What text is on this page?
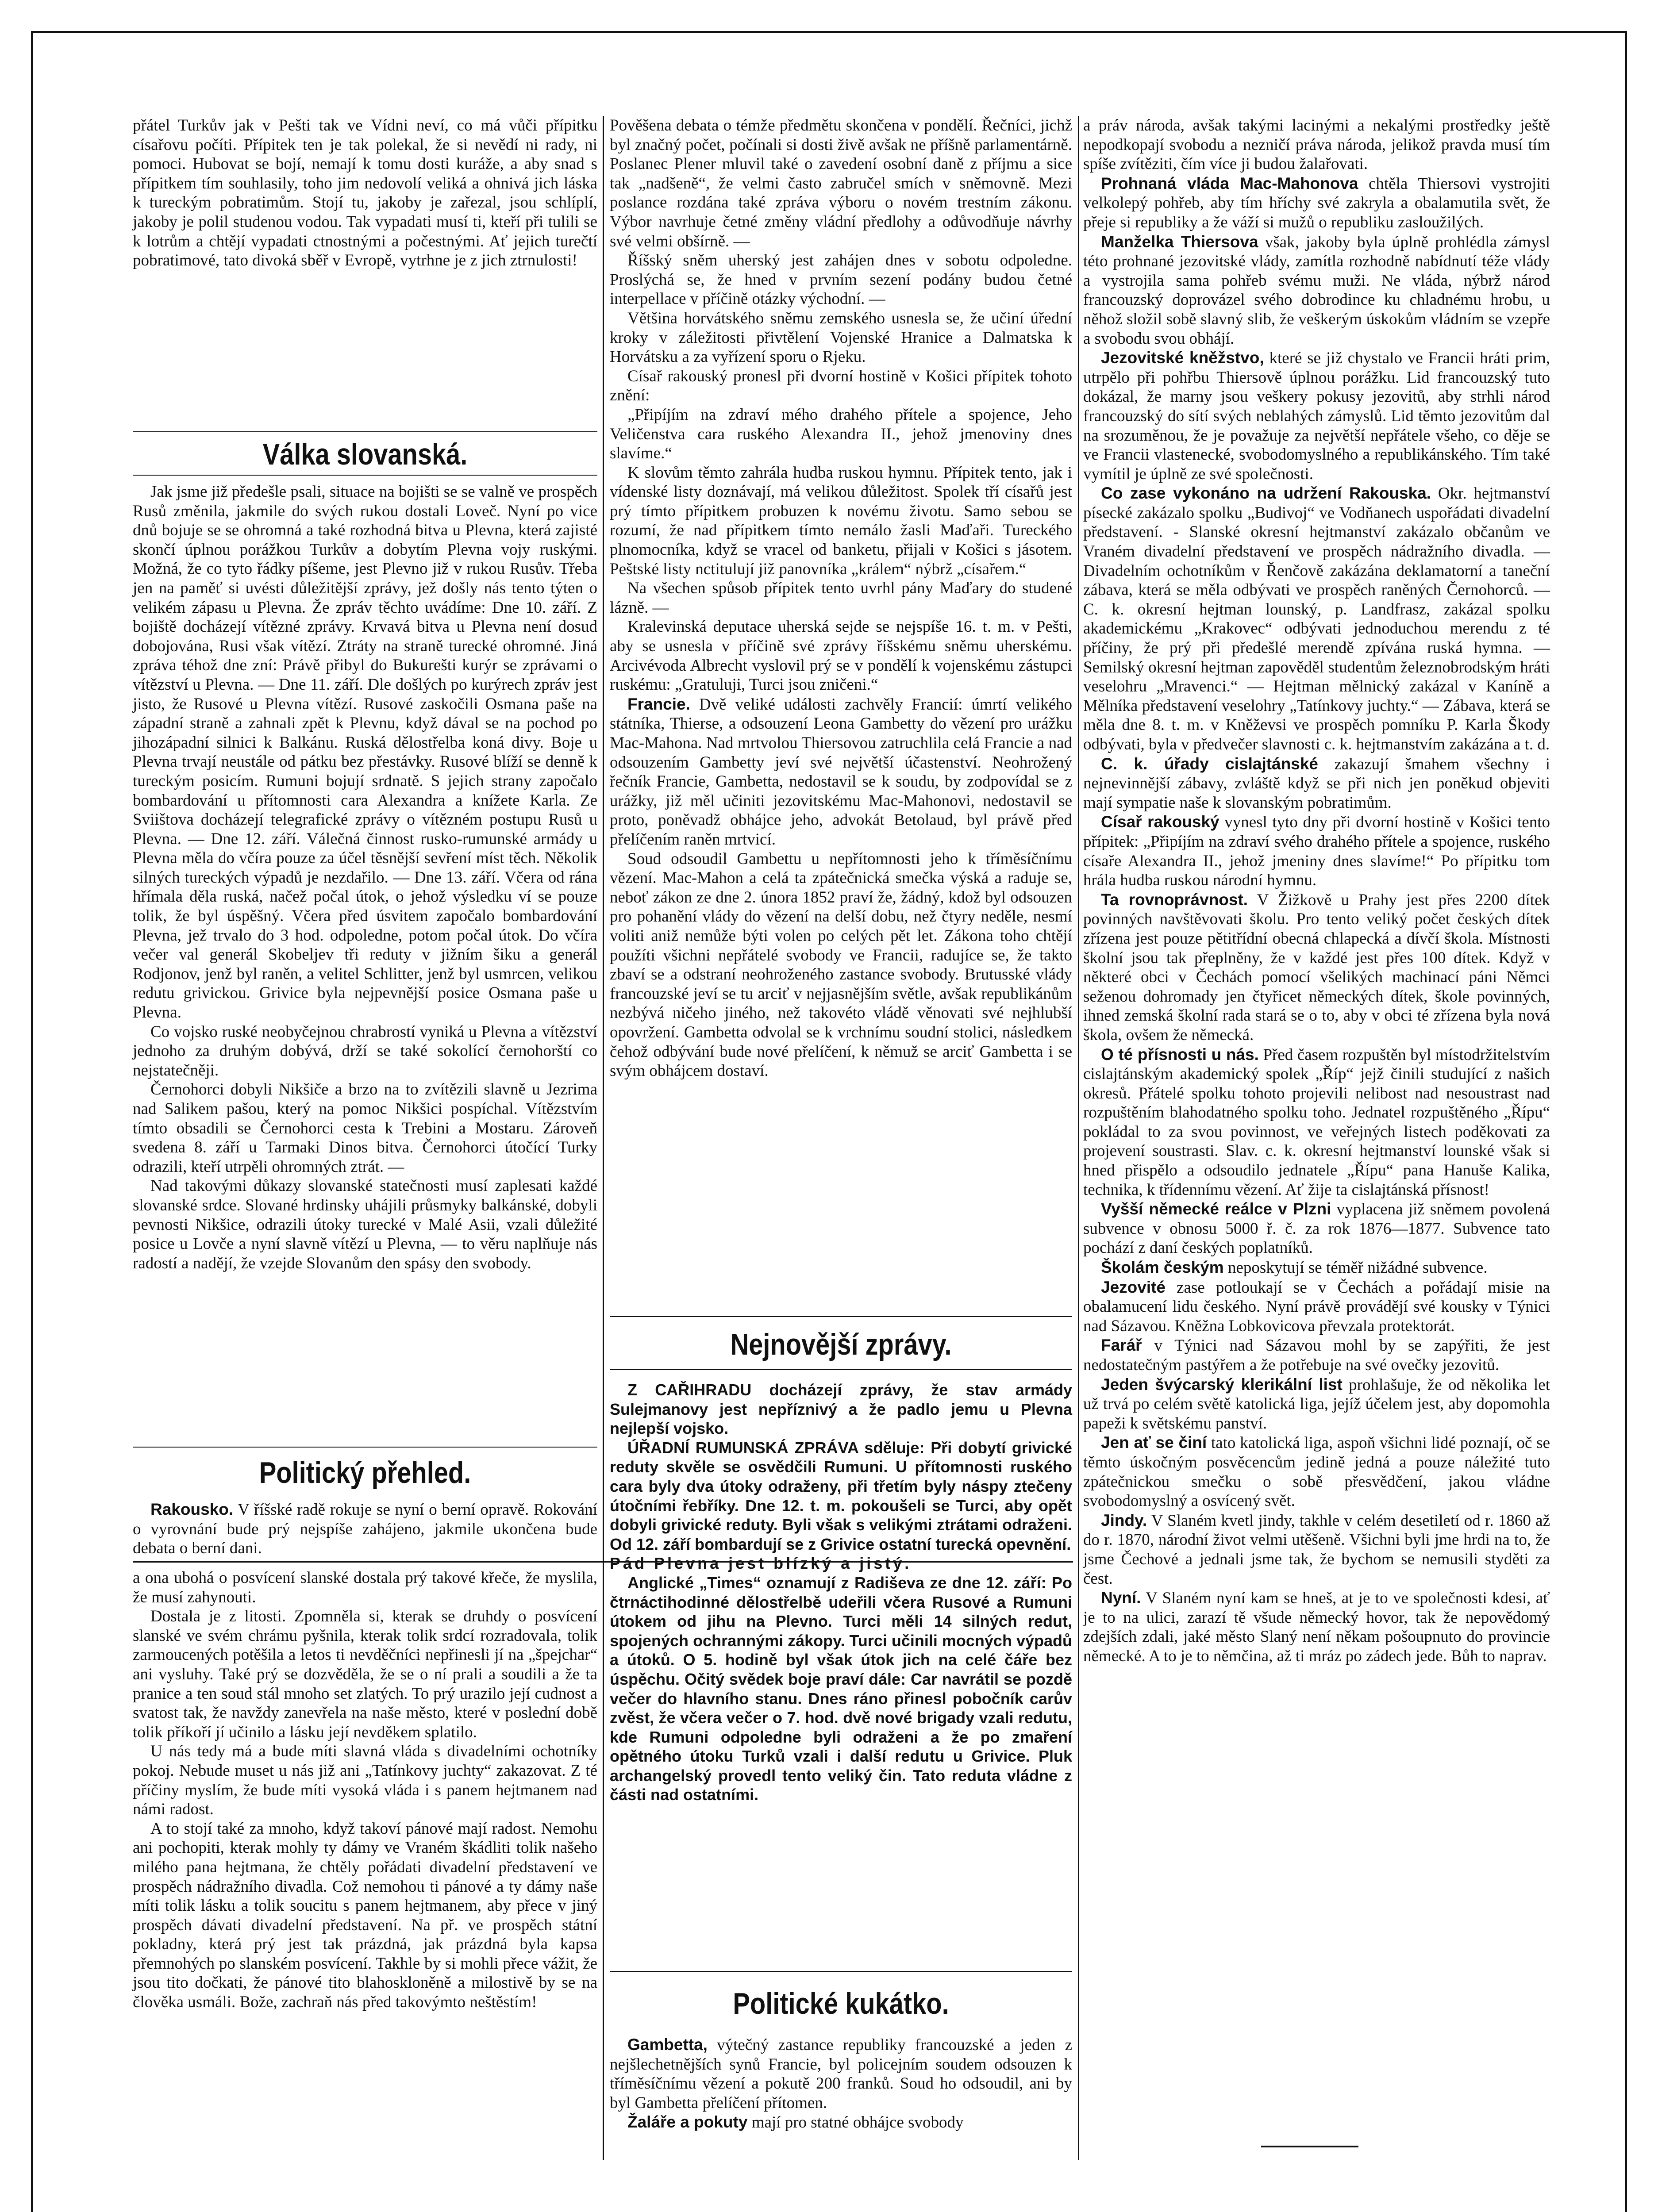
přátel Turkův jak v Pešti tak ve Vídni neví, co má vůči přípitku císařovu počíti. Přípitek ten je tak polekal, že si nevědí ni rady, ni pomoci. Hubovat se bojí, nemají k tomu dosti kuráže, a aby snad s přípitkem tím souhlasily, toho jim nedovolí veliká a ohnivá jich láska k tureckým pobratimům. Stojí tu, jakoby je zařezal, jsou schlíplí, jakoby je polil studenou vodou. Tak vypadati musí ti, kteří při tulili se k lotrům a chtějí vypadati ctnostnými a počestnými. Ať jejich turečtí pobratimové, tato divoká sběř v Evropě, vytrhne je z jich ztrnulosti!

Válka slovanská.

Jak jsme již předešle psali, situace na bojišti se se valně ve prospěch Rusů změnila, jakmile do svých rukou dostali Loveč. Nyní po vice dnů bojuje se se ohromná a také rozhodná bitva u Plevna, která zajisté skončí úplnou porážkou Turkův a dobytím Plevna vojy ruskými. Možná, že co tyto řádky píšeme, jest Plevno již v rukou Rusův. Třeba jen na paměť si uvésti důležitější zprávy, jež došly nás tento týten o velikém zápasu u Plevna. Že zpráv těchto uvádíme: Dne 10. září. Z bojiště docházejí vítězné zprávy. Krvavá bitva u Plevna není dosud dobojována, Rusi však vítězí. Ztráty na straně turecké ohromné. Jiná zpráva téhož dne zní: Právě přibyl do Bukurešti kurýr se zprávami o vítězství u Plevna. — Dne 11. září. Dle došlých po kurýrech zpráv jest jisto, že Rusové u Plevna vítězí. Rusové zaskočili Osmana paše na západní straně a zahnali zpět k Plevnu, když dával se na pochod po jihozápadní silnici k Balkánu. Ruská dělostřelba koná divy. Boje u Plevna trvají neustále od pátku bez přestávky. Rusové blíží se denně k tureckým posicím. Rumuni bojují srdnatě. S jejich strany započalo bombardování u přítomnosti cara Alexandra a knížete Karla. Ze Sviištova docházejí telegrafické zprávy o vítězném postupu Rusů u Plevna. — Dne 12. září. Válečná činnost rusko-rumunské armády u Plevna měla do včíra pouze za účel těsnější sevření míst těch. Několik silných tureckých výpadů je nezdařilo. — Dne 13. září. Včera od rána hřímala děla ruská, načež počal útok, o jehož výsledku ví se pouze tolik, že byl úspěšný. Včera před úsvitem započalo bombardování Plevna, jež trvalo do 3 hod. odpoledne, potom počal útok. Do včíra večer val generál Skobeljev tři reduty v jižním šiku a generál Rodjonov, jenž byl raněn, a velitel Schlitter, jenž byl usmrcen, velikou redutu grivickou. Grivice byla nejpevnější posice Osmana paše u Plevna.

Co vojsko ruské neobyčejnou chrabrostí vyniká u Plevna a vítězství jednoho za druhým dobývá, drží se také sokolící černohorští co nejstatečněji.

Černohorci dobyli Nikšiče a brzo na to zvítězili slavně u Jezrima nad Salikem pašou, který na pomoc Nikšici pospíchal. Vítězstvím tímto obsadili se Černohorci cesta k Trebini a Mostaru. Zároveň svedena 8. září u Tarmaki Dinos bitva. Černohorci útočící Turky odrazili, kteří utrpěli ohromných ztrát. —

Nad takovými důkazy slovanské statečnosti musí zaplesati každé slovanské srdce. Slované hrdinsky uhájili průsmyky balkánské, dobyli pevnosti Nikšice, odrazili útoky turecké v Malé Asii, vzali důležité posice u Lovče a nyní slavně vítězí u Plevna, — to věru naplňuje nás radostí a nadějí, že vzejde Slovanům den spásy den svobody.

Politický přehled.

Rakousko. V říšské radě rokuje se nyní o berní opravě. Rokování o vyrovnání bude prý nejspíše zahájeno, jakmile ukončena bude debata o berní dani.

a ona ubohá o posvícení slanské dostala prý takové křeče, že myslila, že musí zahynouti.

Dostala je z litosti. Zpomněla si, kterak se druhdy o posvícení slanské ve svém chrámu pyšnila, kterak tolik srdcí rozradovala, tolik zarmoucených potěšila a letos ti nevděčníci nepřinesli jí na „špejchar“ ani vysluhy. Také prý se dozvěděla, že se o ní prali a soudili a že ta pranice a ten soud stál mnoho set zlatých. To prý urazilo její cudnost a svatost tak, že navždy zanevřela na naše město, které v poslední době tolik příkoří jí učinilo a lásku její nevděkem splatilo.

U nás tedy má a bude míti slavná vláda s divadelními ochotníky pokoj. Nebude muset u nás již ani „Tatínkovy juchty“ zakazovat. Z té příčiny myslím, že bude míti vysoká vláda i s panem hejtmanem nad námi radost.

A to stojí také za mnoho, když takoví pánové mají radost. Nemohu ani pochopiti, kterak mohly ty dámy ve Vraném škádliti tolik našeho milého pana hejtmana, že chtěly pořádati divadelní představení ve prospěch nádražního divadla. Což nemohou ti pánové a ty dámy naše míti tolik lásku a tolik soucitu s panem hejtmanem, aby přece v jiný prospěch dávati divadelní představení. Na př. ve prospěch státní pokladny, která prý jest tak prázdná, jak prázdná byla kapsa přemnohých po slanském posvícení. Takhle by si mohli přece vážit, že jsou tito dočkati, že pánové tito blahoskloněně a milostivě by se na člověka usmáli. Bože, zachraň nás před takovýmto neštěstím!

Pověšena debata o témže předmětu skončena v pondělí. Řečníci, jichž byl značný počet, počínali si dosti živě avšak ne příšně parlamentárně. Poslanec Plener mluvil také o zavedení osobní daně z příjmu a sice tak „nadšeně“, že velmi často zabručel smích v sněmovně. Mezi poslance rozdána také zpráva výboru o novém trestním zákonu. Výbor navrhuje četné změny vládní předlohy a odůvodňuje návrhy své velmi obšírně. —

Říšský sněm uherský jest zahájen dnes v sobotu odpoledne. Proslýchá se, že hned v prvním sezení podány budou četné interpellace v příčině otázky východní. —

Většina horvátského sněmu zemského usnesla se, že učiní úřední kroky v záležitosti přivtělení Vojenské Hranice a Dalmatska k Horvátsku a za vyřízení sporu o Rjeku.

Císař rakouský pronesl při dvorní hostině v Košici přípitek tohoto znění:

„Připíjím na zdraví mého drahého přítele a spojence, Jeho Veličenstva cara ruského Alexandra II., jehož jmenoviny dnes slavíme.“

K slovům těmto zahrála hudba ruskou hymnu. Přípitek tento, jak i vídenské listy doznávají, má velikou důležitost. Spolek tří císařů jest prý tímto přípitkem probuzen k novému životu. Samo sebou se rozumí, že nad přípitkem tímto nemálo žasli Maďaři. Tureckého plnomocníka, když se vracel od banketu, přijali v Košici s jásotem. Peštské listy nctitulují již panovníka „králem“ nýbrž „císařem.“

Na všechen spůsob přípitek tento uvrhl pány Maďary do studené lázně. —

Kralevinská deputace uherská sejde se nejspíše 16. t. m. v Pešti, aby se usnesla v příčině své zprávy říšskému sněmu uherskému. Arcivévoda Albrecht vyslovil prý se v pondělí k vojenskému zástupci ruskému: „Gratuluji, Turci jsou zničeni.“

Francie. Dvě veliké události zachvěly Francií: úmrtí velikého státníka, Thierse, a odsouzení Leona Gambetty do vězení pro urážku Mac-Mahona. Nad mrtvolou Thiersovou zatruchlila celá Francie a nad odsouzením Gambetty jeví své největší účastenství. Neohrožený řečník Francie, Gambetta, nedostavil se k soudu, by zodpovídal se z urážky, již měl učiniti jezovitskému Mac-Mahonovi, nedostavil se proto, poněvadž obhájce jeho, advokát Betolaud, byl právě před přelíčením raněn mrtvicí.

Soud odsoudil Gambettu u nepřítomnosti jeho k tříměsíčnímu vězení. Mac-Mahon a celá ta zpátečnická smečka výská a raduje se, neboť zákon ze dne 2. února 1852 praví že, žádný, kdož byl odsouzen pro pohanění vlády do vězení na delší dobu, než čtyry neděle, nesmí voliti aniž nemůže býti volen po celých pět let. Zákona toho chtějí použíti všichni nepřátelé svobody ve Francii, radujíce se, že takto zbaví se a odstraní neohroženého zastance svobody. Brutusské vlády francouzské jeví se tu arciť v nejjasnějším světle, avšak republikánům nezbývá ničeho jiného, než takovéto vládě věnovati své nejhlubší opovržení. Gambetta odvolal se k vrchnímu soudní stolici, následkem čehož odbývání bude nové přelíčení, k němuž se arciť Gambetta i se svým obhájcem dostaví.

Nejnovější zprávy.

Z CAŘIHRADU docházejí zprávy, že stav armády Sulejmanovy jest nepříznivý a že padlo jemu u Plevna nejlepší vojsko.

ÚŘADNÍ RUMUNSKÁ ZPRÁVA sděluje: Při dobytí grivické reduty skvěle se osvědčili Rumuni. U přítomnosti ruského cara byly dva útoky odraženy, při třetím byly náspy ztečeny útočními řebříky. Dne 12. t. m. pokoušeli se Turci, aby opět dobyli grivické reduty. Byli však s velikými ztrátami odraženi. Od 12. září bombardují se z Grivice ostatní turecká opevnění.

Pád Plevna jest blízký a jistý.

Anglické „Times“ oznamují z Radiševa ze dne 12. září: Po čtrnáctihodinné dělostřelbě udeřili včera Rusové a Rumuni útokem od jihu na Plevno. Turci měli 14 silných redut, spojených ochrannými zákopy. Turci učinili mocných výpadů a útoků. O 5. hodině byl však útok jich na celé čáře bez úspěchu. Očitý svědek boje praví dále: Car navrátil se pozdě večer do hlavního stanu. Dnes ráno přinesl pobočník carův zvěst, že včera večer o 7. hod. dvě nové brigady vzali redutu, kde Rumuni odpoledne byli odraženi a že po zmaření opětného útoku Turků vzali i další redutu u Grivice. Pluk archangelský provedl tento veliký čin. Tato reduta vládne z části nad ostatními.

Politické kukátko.

Gambetta, výtečný zastance republiky francouzské a jeden z nejšlechetnějších synů Francie, byl policejním soudem odsouzen k tříměsíčnímu vězení a pokutě 200 franků. Soud ho odsoudil, ani by byl Gambetta přelíčení přítomen.

Žaláře a pokuty mají pro statné obhájce svobody

a práv národa, avšak takými lacinými a nekalými prostředky ještě nepodkopají svobodu a nezničí práva národa, jelikož pravda musí tím spíše zvítěziti, čím více ji budou žalařovati.

Prohnaná vláda Mac-Mahonova chtěla Thiersovi vystrojiti velkolepý pohřeb, aby tím hříchy své zakryla a obalamutila svět, že přeje si republiky a že váží si mužů o republiku zasloužilých.

Manželka Thiersova však, jakoby byla úplně prohlédla zámysl této prohnané jezovitské vlády, zamítla rozhodně nabídnutí téže vlády a vystrojila sama pohřeb svému muži. Ne vláda, nýbrž národ francouzský doprovázel svého dobrodince ku chladnému hrobu, u něhož složil sobě slavný slib, že veškerým úskokům vládním se vzepře a svobodu svou obhájí.

Jezovitské kněžstvo, které se již chystalo ve Francii hráti prim, utrpělo při pohřbu Thiersově úplnou porážku. Lid francouzský tuto dokázal, že marny jsou veškery pokusy jezovitů, aby strhli národ francouzský do sítí svých neblahých zámyslů. Lid těmto jezovitům dal na srozuměnou, že je považuje za největší nepřátele všeho, co děje se ve Francii vlastenecké, svobodomyslného a republikánského. Tím také vymítil je úplně ze své společnosti.

Co zase vykonáno na udržení Rakouska. Okr. hejtmanství písecké zakázalo spolku „Budivoj“ ve Vodňanech uspořádati divadelní představení. - Slanské okresní hejtmanství zakázalo občanům ve Vraném divadelní představení ve prospěch nádražního divadla. — Divadelním ochotníkům v Řenčově zakázána deklamatorní a taneční zábava, která se měla odbývati ve prospěch raněných Černohorců. — C. k. okresní hejtman lounský, p. Landfrasz, zakázal spolku akademickému „Krakovec“ odbývati jednoduchou merendu z té příčiny, že prý při předešlé merendě zpívána ruská hymna. — Semilský okresní hejtman zapověděl studentům železnobrodským hráti veselohru „Mravenci.“ — Hejtman mělnický zakázal v Kaníně a Mělníka představení veselohry „Tatínkovy juchty.“ — Zábava, která se měla dne 8. t. m. v Kněževsi ve prospěch pomníku P. Karla Škody odbývati, byla v předvečer slavnosti c. k. hejtmanstvím zakázána a t. d.

C. k. úřady cislajtánské zakazují šmahem všechny i nejnevinnější zábavy, zvláště když se při nich jen poněkud objeviti mají sympatie naše k slovanským pobratimům.

Císař rakouský vynesl tyto dny při dvorní hostině v Košici tento přípitek: „Připíjím na zdraví svého drahého přítele a spojence, ruského císaře Alexandra II., jehož jmeniny dnes slavíme!“ Po přípitku tom hrála hudba ruskou národní hymnu.

Ta rovnoprávnost. V Žižkově u Prahy jest přes 2200 dítek povinných navštěvovati školu. Pro tento veliký počet českých dítek zřízena jest pouze pětitřídní obecná chlapecká a dívčí škola. Místnosti školní jsou tak přeplněny, že v každé jest přes 100 dítek. Když v některé obci v Čechách pomocí všelikých machinací páni Němci seženou dohromady jen čtyřicet německých dítek, škole povinných, ihned zemská školní rada stará se o to, aby v obci té zřízena byla nová škola, ovšem že německá.

O té přísnosti u nás. Před časem rozpuštěn byl místodržitelstvím cislajtánským akademický spolek „Říp“ jejž činili studující z našich okresů. Přátelé spolku tohoto projevili nelibost nad nesoustrast nad rozpuštěním blahodatného spolku toho. Jednatel rozpuštěného „Řípu“ pokládal to za svou povinnost, ve veřejných listech poděkovati za projevení soustrasti. Slav. c. k. okresní hejtmanství lounské však si hned přispělo a odsoudilo jednatele „Řípu“ pana Hanuše Kalika, technika, k třídennímu vězení. Ať žije ta cislajtánská přísnost!

Vyšší německé reálce v Plzni vyplacena již sněmem povolená subvence v obnosu 5000 ř. č. za rok 1876—1877. Subvence tato pochází z daní českých poplatníků.

Školám českým neposkytují se téměř nižádné subvence.

Jezovité zase potloukají se v Čechách a pořádají misie na obalamucení lidu českého. Nyní právě provádějí své kousky v Týnici nad Sázavou. Kněžna Lobkovicova převzala protektorát.

Farář v Týnici nad Sázavou mohl by se zapýřiti, že jest nedostatečným pastýřem a že potřebuje na své ovečky jezovitů.

Jeden švýcarský klerikální list prohlašuje, že od několika let už trvá po celém světě katolická liga, jejíž účelem jest, aby dopomohla papeži k světskému panství.

Jen ať se činí tato katolická liga, aspoň všichni lidé poznají, oč se těmto úskočným posvěcencům jedině jedná a pouze náležité tuto zpátečnickou smečku o sobě přesvědčení, jakou vládne svobodomyslný a osvícený svět.

Jindy. V Slaném kvetl jindy, takhle v celém desetiletí od r. 1860 až do r. 1870, národní život velmi utěšeně. Všichni byli jme hrdi na to, že jsme Čechové a jednali jsme tak, že bychom se nemusili styděti za čest.

Nyní. V Slaném nyní kam se hneš, at je to ve společnosti kdesi, ať je to na ulici, zarazí tě všude německý hovor, tak že nepovědomý zdejších zdali, jaké město Slaný není někam pošoupnuto do provincie německé. A to je to němčina, až ti mráz po zádech jede. Bůh to naprav.
